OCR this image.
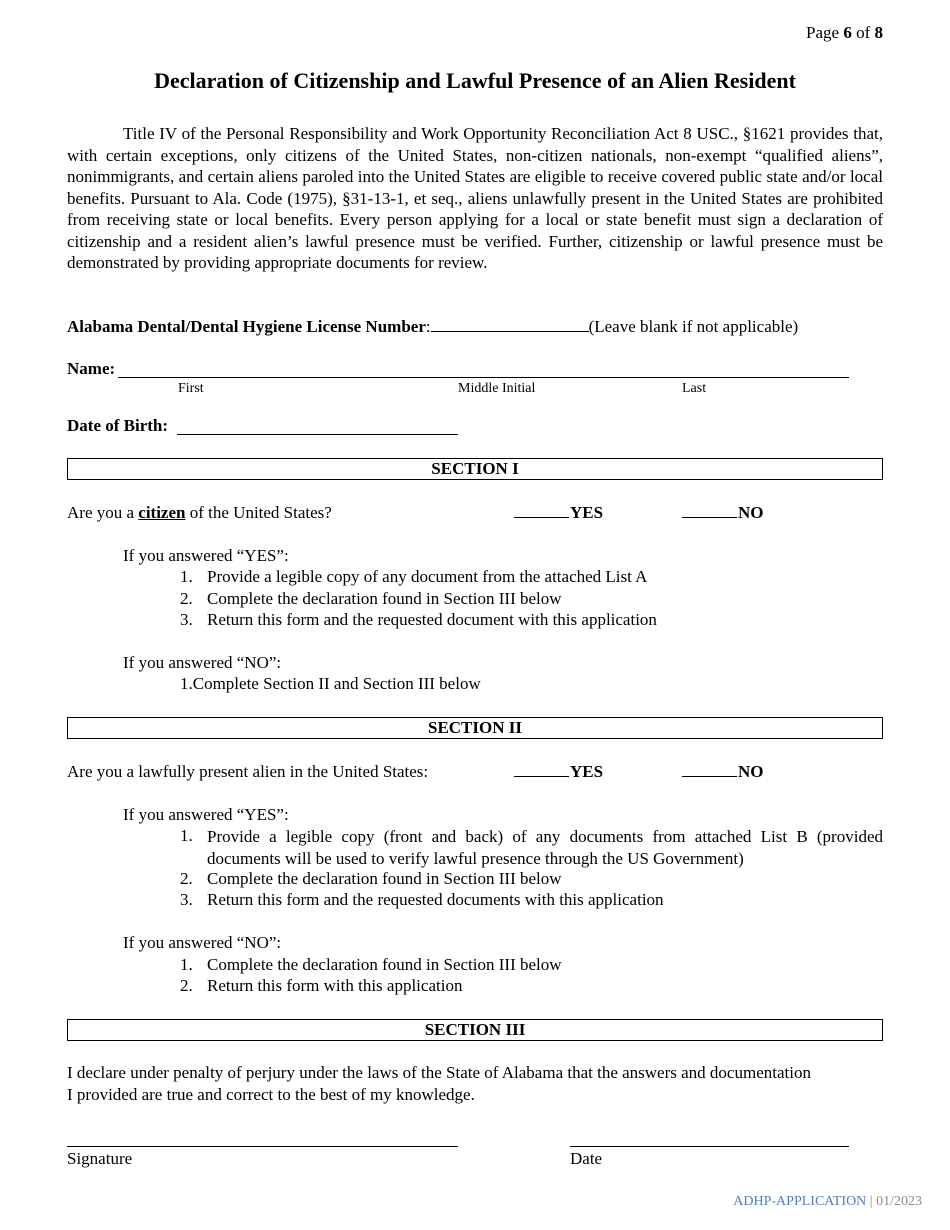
Page 6 of 8
Declaration of Citizenship and Lawful Presence of an Alien Resident
Title IV of the Personal Responsibility and Work Opportunity Reconciliation Act 8 USC., §1621 provides that, with certain exceptions, only citizens of the United States, non-citizen nationals, non-exempt “qualified aliens”, nonimmigrants, and certain aliens paroled into the United States are eligible to receive covered public state and/or local benefits. Pursuant to Ala. Code (1975), §31-13-1, et seq., aliens unlawfully present in the United States are prohibited from receiving state or local benefits. Every person applying for a local or state benefit must sign a declaration of citizenship and a resident alien’s lawful presence must be verified. Further, citizenship or lawful presence must be demonstrated by providing appropriate documents for review.
Alabama Dental/Dental Hygiene License Number:	(Leave blank if not applicable)
Name:
First	Middle Initial	Last
Date of Birth:
SECTION I
Are you a citizen of the United States?	YES	NO
If you answered “YES”:
1. Provide a legible copy of any document from the attached List A
2. Complete the declaration found in Section III below
3. Return this form and the requested document with this application
If you answered “NO”:
1.Complete Section II and Section III below
SECTION II
Are you a lawfully present alien in the United States:	YES	NO
If you answered “YES”:
1. Provide a legible copy (front and back) of any documents from attached List B (provided documents will be used to verify lawful presence through the US Government)
2. Complete the declaration found in Section III below
3. Return this form and the requested documents with this application
If you answered “NO”:
1. Complete the declaration found in Section III below
2. Return this form with this application
SECTION III
I declare under penalty of perjury under the laws of the State of Alabama that the answers and documentation
I provided are true and correct to the best of my knowledge.
Signature	Date
ADHP-APPLICATION | 01/2023
